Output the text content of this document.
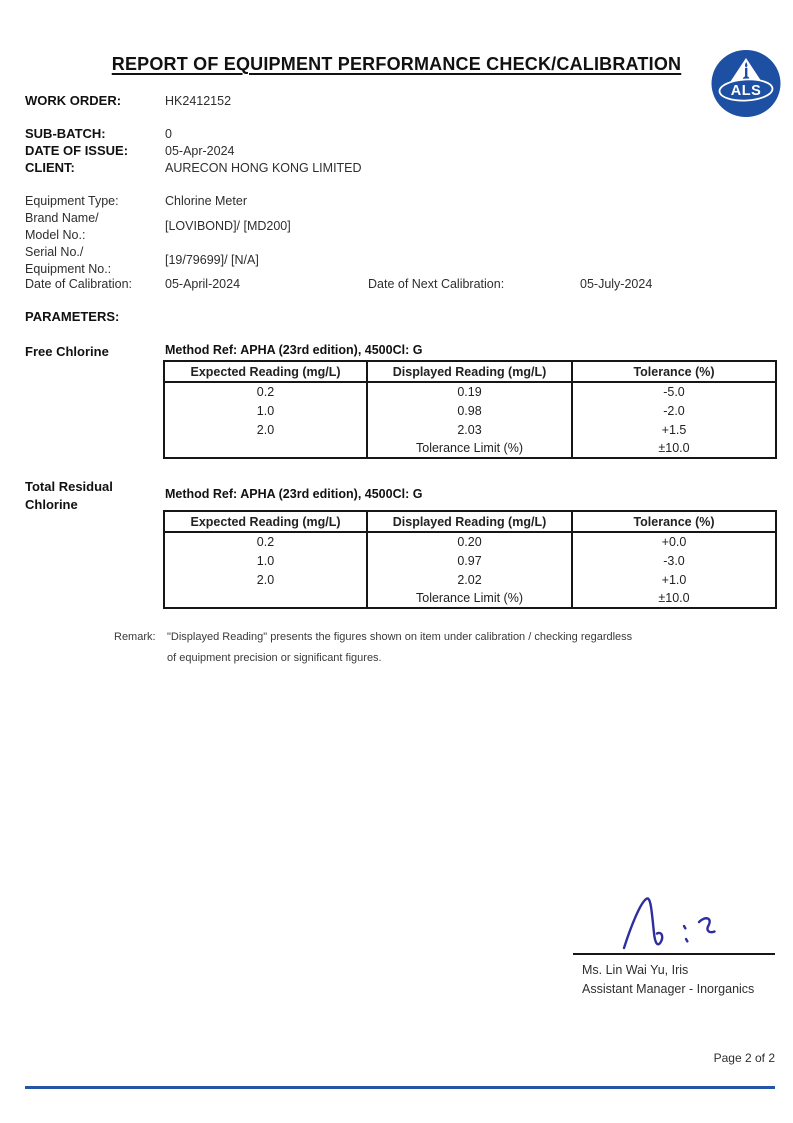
REPORT OF EQUIPMENT PERFORMANCE CHECK/CALIBRATION
ALS
WORK ORDER:	HK2412152
SUB-BATCH:	0
DATE OF ISSUE:	05-Apr-2024
CLIENT:	AURECON HONG KONG LIMITED
Equipment Type:	Chlorine Meter
Brand Name/
Model No.:
[LOVIBOND]/ [MD200]
Serial No./
Equipment No.:
[19/79699]/ [N/A]
Date of Calibration:	05-April-2024	Date of Next Calibration:	05-July-2024
PARAMETERS:
Free Chlorine	Method Ref: APHA (23rd edition), 4500Cl: G
Expected Reading (mg/L)	Displayed Reading (mg/L)	Tolerance (%)
0.2	0.19	-5.0
1.0	0.98	-2.0
2.0	2.03	+1.5
	Tolerance Limit (%)	±10.0
Total Residual
Chlorine
Method Ref: APHA (23rd edition), 4500Cl: G
Expected Reading (mg/L)	Displayed Reading (mg/L)	Tolerance (%)
0.2	0.20	+0.0
1.0	0.97	-3.0
2.0	2.02	+1.0
	Tolerance Limit (%)	±10.0
Remark: "Displayed Reading" presents the figures shown on item under calibration / checking regardless
of equipment precision or significant figures.
Ms. Lin Wai Yu, Iris
Assistant Manager - Inorganics
Page 2 of 2
